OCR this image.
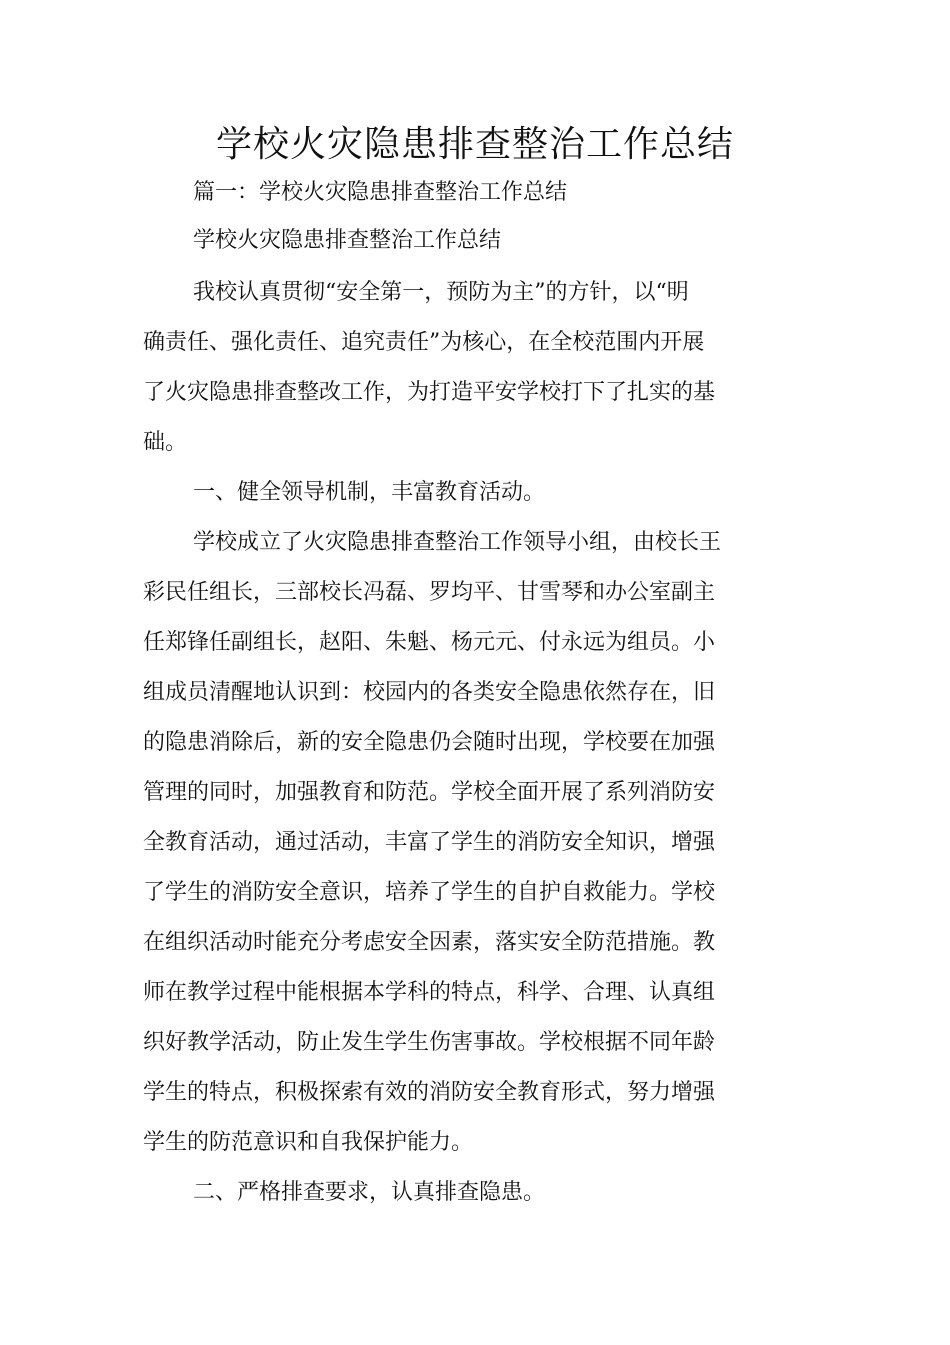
学校火灾隐患排查整治工作总结

篇一：学校火灾隐患排查整治工作总结

学校火灾隐患排查整治工作总结

我校认真贯彻“安全第一，预防为主”的方针，以“明
确责任、强化责任、追究责任”为核心，在全校范围内开展
了火灾隐患排查整改工作，为打造平安学校打下了扎实的基
础。

一、健全领导机制，丰富教育活动。

学校成立了火灾隐患排查整治工作领导小组，由校长王
彩民任组长，三部校长冯磊、罗均平、甘雪琴和办公室副主
任郑锋任副组长，赵阳、朱魁、杨元元、付永远为组员。小
组成员清醒地认识到：校园内的各类安全隐患依然存在，旧
的隐患消除后，新的安全隐患仍会随时出现，学校要在加强
管理的同时，加强教育和防范。学校全面开展了系列消防安
全教育活动，通过活动，丰富了学生的消防安全知识，增强
了学生的消防安全意识，培养了学生的自护自救能力。学校
在组织活动时能充分考虑安全因素，落实安全防范措施。教
师在教学过程中能根据本学科的特点，科学、合理、认真组
织好教学活动，防止发生学生伤害事故。学校根据不同年龄
学生的特点，积极探索有效的消防安全教育形式，努力增强
学生的防范意识和自我保护能力。

二、严格排查要求，认真排查隐患。
